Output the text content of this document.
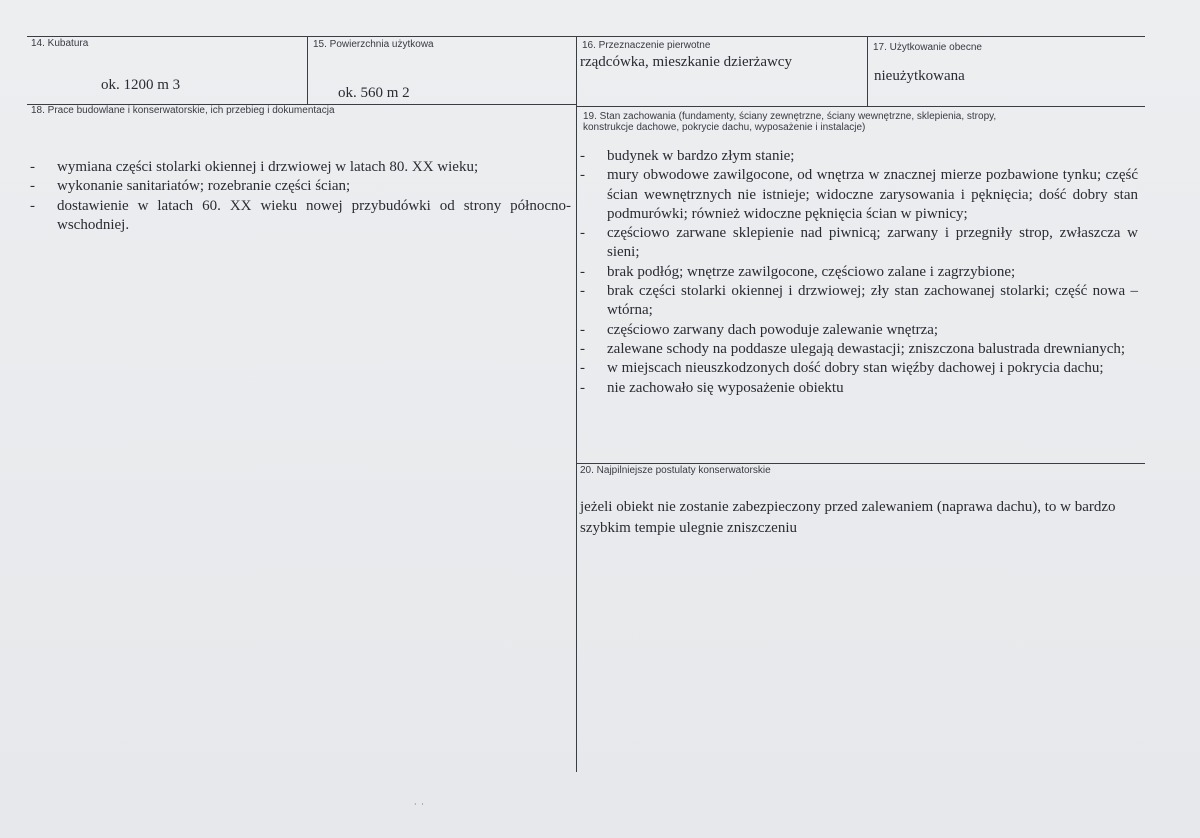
14. Kubatura
ok. 1200 m 3
15. Powierzchnia użytkowa
ok. 560 m 2
16. Przeznaczenie pierwotne
rządcówka, mieszkanie dzierżawcy
17. Użytkowanie obecne
nieużytkowana
18. Prace budowlane i konserwatorskie, ich przebieg i dokumentacja
- wymiana części stolarki okiennej i drzwiowej w latach 80. XX wieku;
- wykonanie sanitariatów; rozebranie części ścian;
- dostawienie w latach 60. XX wieku nowej przybudówki od strony północno-wschodniej.
19. Stan zachowania (fundamenty, ściany zewnętrzne, ściany wewnętrzne, sklepienia, stropy,
konstrukcje dachowe, pokrycie dachu, wyposażenie i instalacje)
- budynek w bardzo złym stanie;
- mury obwodowe zawilgocone, od wnętrza w znacznej mierze pozbawione tynku; część ścian wewnętrznych nie istnieje; widoczne zarysowania i pęknięcia; dość dobry stan podmurówki; również widoczne pęknięcia ścian w piwnicy;
- częściowo zarwane sklepienie nad piwnicą; zarwany i przegniły strop, zwłaszcza w sieni;
- brak podłóg; wnętrze zawilgocone, częściowo zalane i zagrzybione;
- brak części stolarki okiennej i drzwiowej; zły stan zachowanej stolarki; część nowa – wtórna;
- częściowo zarwany dach powoduje zalewanie wnętrza;
- zalewane schody na poddasze ulegają dewastacji; zniszczona balustrada drewnianych;
- w miejscach nieuszkodzonych dość dobry stan więźby dachowej i pokrycia dachu;
- nie zachowało się wyposażenie obiektu
20. Najpilniejsze postulaty konserwatorskie
jeżeli obiekt nie zostanie zabezpieczony przed zalewaniem (naprawa dachu), to w bardzo szybkim tempie ulegnie zniszczeniu
· ·
